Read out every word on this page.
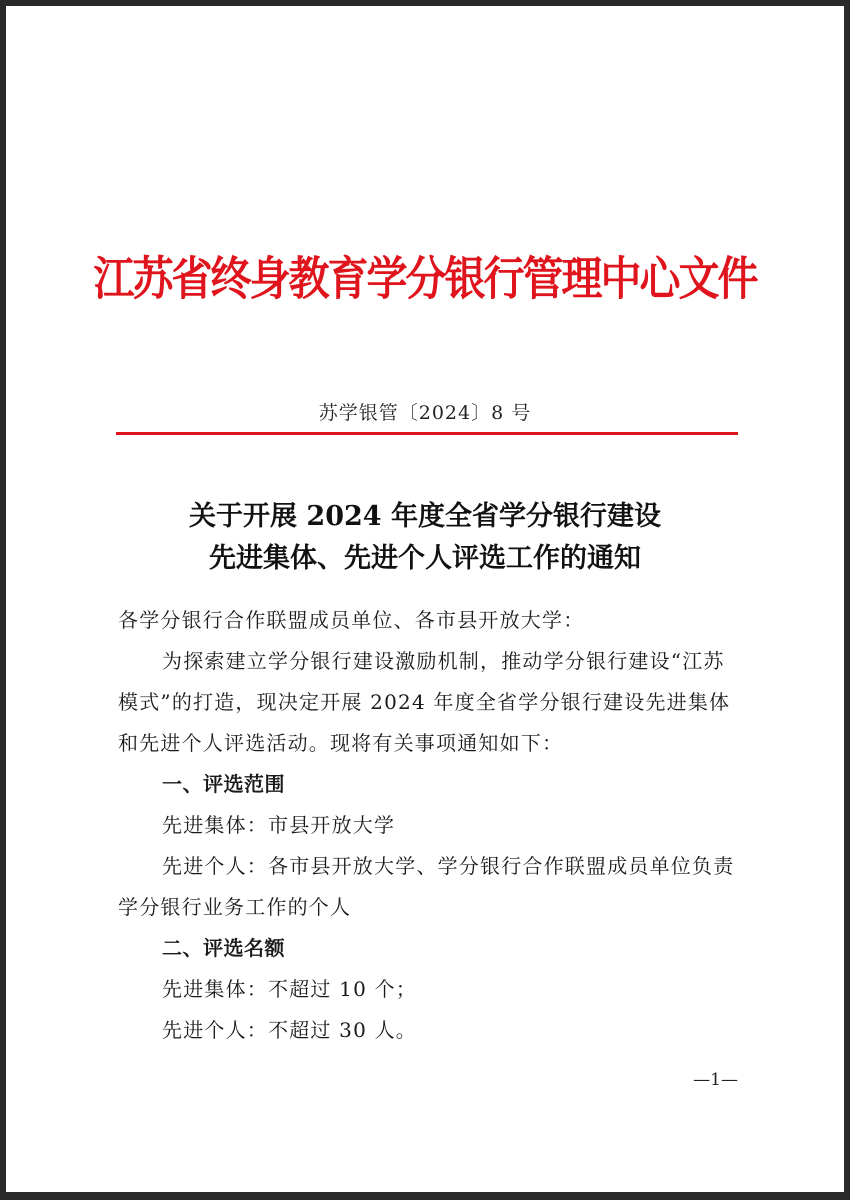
江苏省终身教育学分银行管理中心文件
苏学银管〔2024〕8 号
关于开展 2024 年度全省学分银行建设
先进集体、先进个人评选工作的通知

各学分银行合作联盟成员单位、各市县开放大学：

为探索建立学分银行建设激励机制，推动学分银行建设“江苏模式”的打造，现决定开展 2024 年度全省学分银行建设先进集体和先进个人评选活动。现将有关事项通知如下：

一、评选范围

先进集体：市县开放大学

先进个人：各市县开放大学、学分银行合作联盟成员单位负责学分银行业务工作的个人

二、评选名额

先进集体：不超过 10 个；

先进个人：不超过 30 人。

—1—
